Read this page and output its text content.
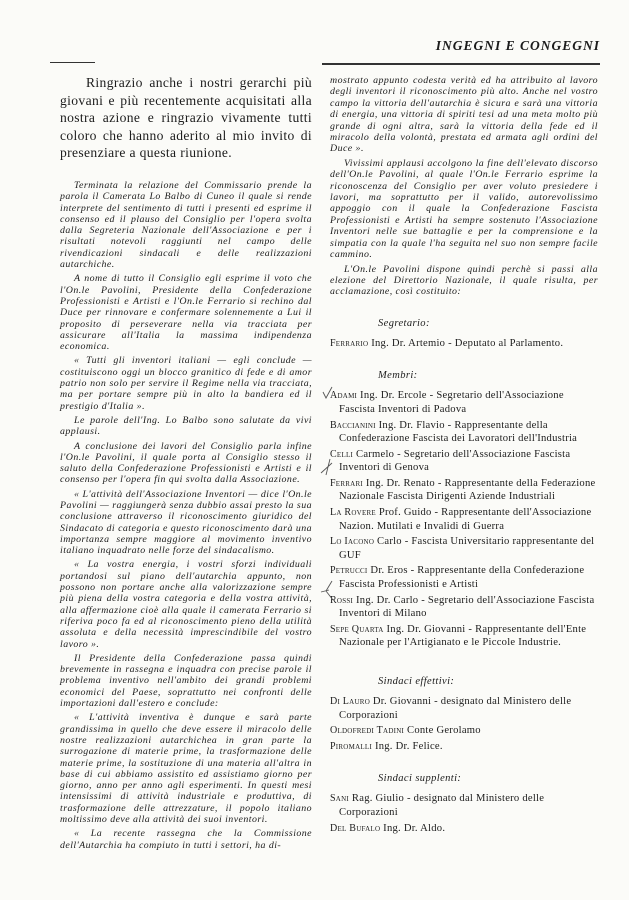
INGEGNI E CONGEGNI

Ringrazio anche i nostri gerarchi più giovani e più recentemente acquisitati alla nostra azione e ringrazio vivamente tutti coloro che hanno aderito al mio invito di presenziare a questa riunione.

Terminata la relazione del Commissario prende la parola il Camerata Lo Balbo di Cuneo il quale si rende interprete del sentimento di tutti i presenti ed esprime il consenso ed il plauso del Consiglio per l'opera svolta dalla Segreteria Nazionale dell'Associazione e per i risultati notevoli raggiunti nel campo delle rivendicazioni sindacali e delle realizzazioni autarchiche.

A nome di tutto il Consiglio egli esprime il voto che l'On.le Pavolini, Presidente della Confederazione Professionisti e Artisti e l'On.le Ferrario si rechino dal Duce per rinnovare e confermare solennemente a Lui il proposito di perseverare nella via tracciata per assicurare all'Italia la massima indipendenza economica.

« Tutti gli inventori italiani — egli conclude — costituiscono oggi un blocco granitico di fede e di amor patrio non solo per servire il Regime nella via tracciata, ma per portare sempre più in alto la bandiera ed il prestigio d'Italia ».

Le parole dell'Ing. Lo Balbo sono salutate da vivi applausi.

A conclusione dei lavori del Consiglio parla infine l'On.le Pavolini, il quale porta al Consiglio stesso il saluto della Confederazione Professionisti e Artisti e il consenso per l'opera fin qui svolta dalla Associazione.

« L'attività dell'Associazione Inventori — dice l'On.le Pavolini — raggiungerà senza dubbio assai presto la sua conclusione attraverso il riconoscimento giuridico del Sindacato di categoria e questo riconoscimento darà una importanza sempre maggiore al movimento inventivo italiano inquadrato nelle forze del sindacalismo.

« La vostra energia, i vostri sforzi individuali portandosi sul piano dell'autarchia appunto, non possono non portare anche alla valorizzazione sempre più piena della vostra categoria e della vostra attività, alla affermazione cioè alla quale il camerata Ferrario si riferiva poco fa ed al riconoscimento pieno della utilità assoluta e della necessità imprescindibile del vostro lavoro ».

Il Presidente della Confederazione passa quindi brevemente in rassegna e inquadra con precise parole il problema inventivo nell'ambito dei grandi problemi economici del Paese, soprattutto nei confronti delle importazioni dall'estero e conclude:

« L'attività inventiva è dunque e sarà parte grandissima in quello che deve essere il miracolo delle nostre realizzazioni autarchichea in gran parte la surrogazione di materie prime, la trasformazione delle materie prime, la sostituzione di una materia all'altra in base di cui abbiamo assistito ed assistiamo giorno per giorno, anno per anno agli esperimenti. In questi mesi intensissimi di attività industriale e produttiva, di trasformazione delle attrezzature, il popolo italiano moltissimo deve alla attività dei suoi inventori.

« La recente rassegna che la Commissione dell'Autarchia ha compiuto in tutti i settori, ha di-

mostrato appunto codesta verità ed ha attribuito al lavoro degli inventori il riconoscimento più alto. Anche nel vostro campo la vittoria dell'autarchia è sicura e sarà una vittoria di energia, una vittoria di spiriti tesi ad una meta molto più grande di ogni altra, sarà la vittoria della fede ed il miracolo della volontà, prestata ed armata agli ordini del Duce ».

Vivissimi applausi accolgono la fine dell'elevato discorso dell'On.le Pavolini, al quale l'On.le Ferrario esprime la riconoscenza del Consiglio per aver voluto presiedere i lavori, ma soprattutto per il valido, autorevolissimo appoggio con il quale la Confederazione Fascista Professionisti e Artisti ha sempre sostenuto l'Associazione Inventori nelle sue battaglie e per la comprensione e la simpatia con la quale l'ha seguita nel suo non sempre facile cammino.

L'On.le Pavolini dispone quindi perchè si passi alla elezione del Direttorio Nazionale, il quale risulta, per acclamazione, così costituito:

Segretario:

Ferrario Ing. Dr. Artemio - Deputato al Parlamento.

Membri:

Adami Ing. Dr. Ercole - Segretario dell'Associazione Fascista Inventori di Padova

Baccianini Ing. Dr. Flavio - Rappresentante della Confederazione Fascista dei Lavoratori dell'Industria

Celli Carmelo - Segretario dell'Associazione Fascista Inventori di Genova

Ferrari Ing. Dr. Renato - Rappresentante della Federazione Nazionale Fascista Dirigenti Aziende Industriali

La Rovere Prof. Guido - Rappresentante dell'Associazione Nazion. Mutilati e Invalidi di Guerra

Lo Iacono Carlo - Fascista Universitario rappresentante del GUF

Petrucci Dr. Eros - Rappresentante della Confederazione Fascista Professionisti e Artisti

Rossi Ing. Dr. Carlo - Segretario dell'Associazione Fascista Inventori di Milano

Sepe Quarta Ing. Dr. Giovanni - Rappresentante dell'Ente Nazionale per l'Artigianato e le Piccole Industrie.

Sindaci effettivi:

Di Lauro Dr. Giovanni - designato dal Ministero delle Corporazioni

Oldofredi Tadini Conte Gerolamo

Piromalli Ing. Dr. Felice.

Sindaci supplenti:

Sani Rag. Giulio - designato dal Ministero delle Corporazioni

Del Bufalo Ing. Dr. Aldo.
